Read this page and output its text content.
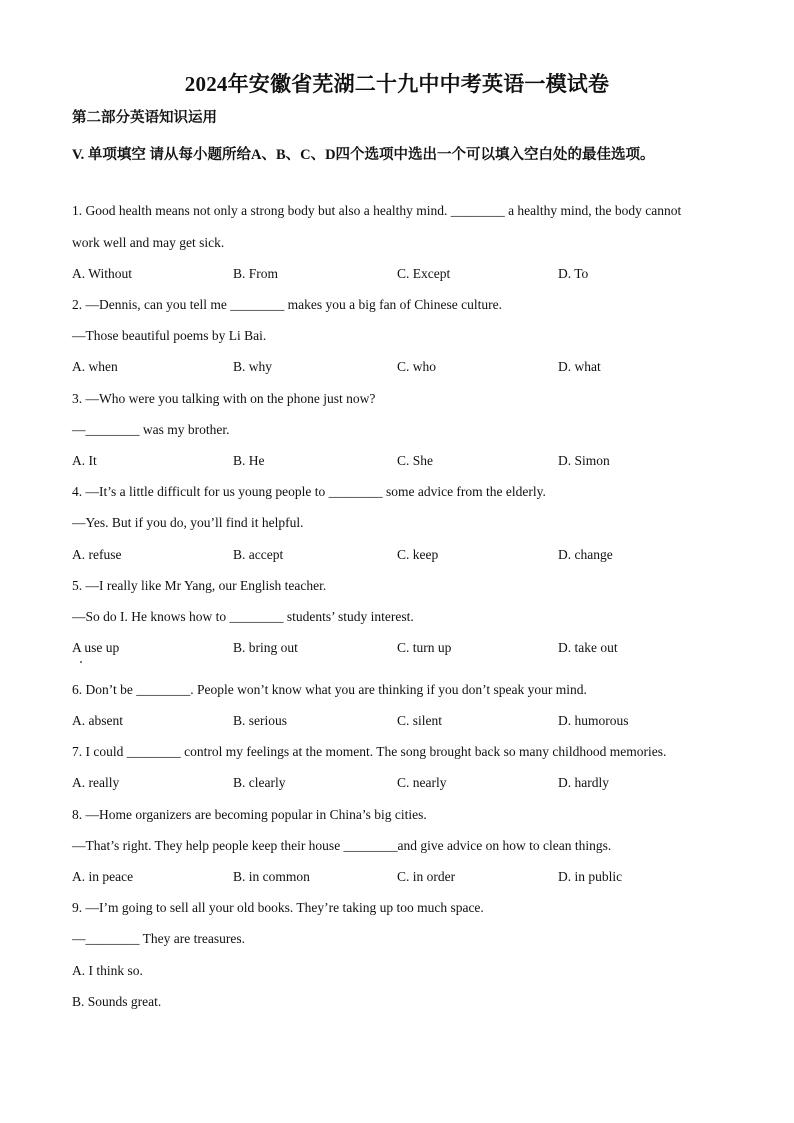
2024年安徽省芜湖二十九中中考英语一模试卷
第二部分英语知识运用
V. 单项填空 请从每小题所给A、B、C、D四个选项中选出一个可以填入空白处的最佳选项。
1. Good health means not only a strong body but also a healthy mind. ________ a healthy mind, the body cannot
work well and may get sick.
A. Without	B. From	C. Except	D. To
2. —Dennis, can you tell me ________ makes you a big fan of Chinese culture.
—Those beautiful poems by Li Bai.
A. when	B. why	C. who	D. what
3. —Who were you talking with on the phone just now?
—________ was my brother.
A. It	B. He	C. She	D. Simon
4. —It’s a little difficult for us young people to ________ some advice from the elderly.
—Yes. But if you do, you’ll find it helpful.
A. refuse	B. accept	C. keep	D. change
5. —I really like Mr Yang, our English teacher.
—So do I. He knows how to ________ students’ study interest.
A use up	B. bring out	C. turn up	D. take out
6. Don’t be ________. People won’t know what you are thinking if you don’t speak your mind.
A. absent	B. serious	C. silent	D. humorous
7. I could ________ control my feelings at the moment. The song brought back so many childhood memories.
A. really	B. clearly	C. nearly	D. hardly
8. —Home organizers are becoming popular in China’s big cities.
—That’s right. They help people keep their house ________and give advice on how to clean things.
A. in peace	B. in common	C. in order	D. in public
9. —I’m going to sell all your old books. They’re taking up too much space.
—________ They are treasures.
A. I think so.
B. Sounds great.
